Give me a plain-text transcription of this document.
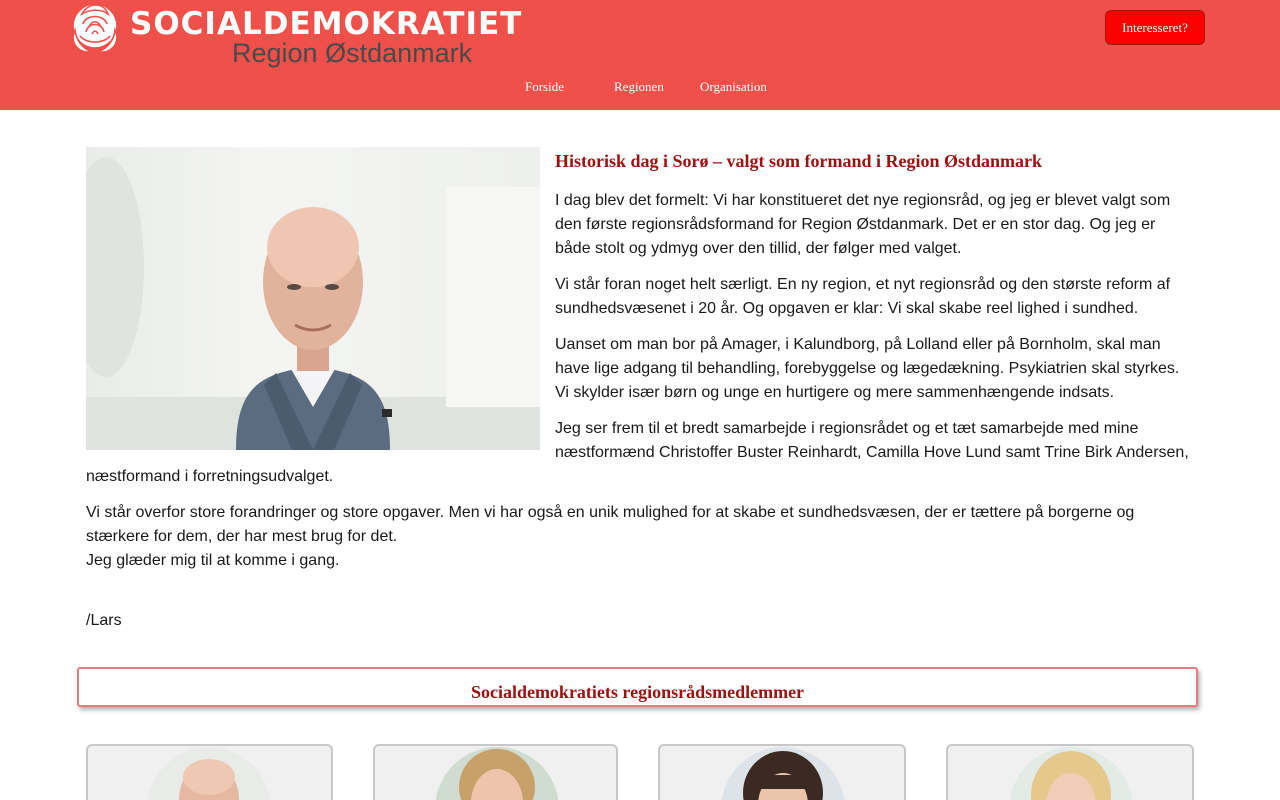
SOCIALDEMOKRATIET
Region Østdanmark
Interesseret?
Forside	Regionen	Organisation
Historisk dag i Sorø – valgt som formand i Region Østdanmark

I dag blev det formelt: Vi har konstitueret det nye regionsråd, og jeg er blevet valgt som den første regionsrådsformand for Region Østdanmark. Det er en stor dag. Og jeg er både stolt og ydmyg over den tillid, der følger med valget.

Vi står foran noget helt særligt. En ny region, et nyt regionsråd og den største reform af sundhedsvæsenet i 20 år. Og opgaven er klar: Vi skal skabe reel lighed i sundhed.

Uanset om man bor på Amager, i Kalundborg, på Lolland eller på Bornholm, skal man have lige adgang til behandling, forebyggelse og lægedækning. Psykiatrien skal styrkes. Vi skylder især børn og unge en hurtigere og mere sammenhængende indsats.

Jeg ser frem til et bredt samarbejde i regionsrådet og et tæt samarbejde med mine næstformænd Christoffer Buster Reinhardt, Camilla Hove Lund samt Trine Birk Andersen, næstformand i forretningsudvalget.

Vi står overfor store forandringer og store opgaver. Men vi har også en unik mulighed for at skabe et sundhedsvæsen, der er tættere på borgerne og stærkere for dem, der har mest brug for det.

Jeg glæder mig til at komme i gang.

/Lars

Socialdemokratiets regionsrådsmedlemmer
